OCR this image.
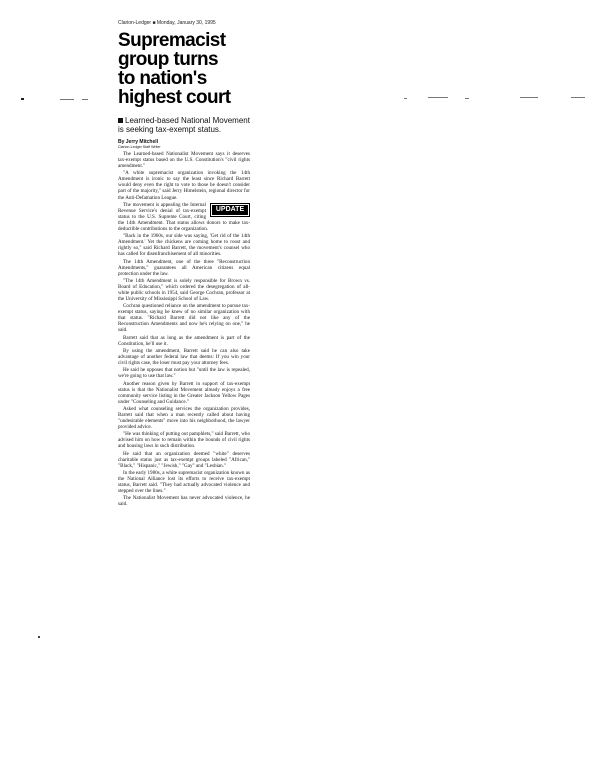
Clarion-Ledger ■ Monday, January 30, 1995
Supremacist
group turns
to nation's
highest court
Learned-based National Movement is seeking tax-exempt status.
By Jerry Mitchell
Clarion-Ledger Staff Writer

The Learned-based Nationalist Movement says it deserves tax-exempt status based on the U.S. Constitution's "civil rights amendment."

"A white supremacist organization invoking the 14th Amendment is ironic to say the least since Richard Barrett would deny even the right to vote to those he doesn't consider part of the majority," said Jerry Himelstein, regional director for the Anti-Defamation League.

UPDATE

The movement is appealing the Internal Revenue Service's denial of tax-exempt status to the U.S. Supreme Court, citing the 14th Amendment. That status allows donors to make tax-deductible contributions to the organization.

"Back in the 1960s, our side was saying, 'Get rid of the 14th Amendment.' Yet the chickens are coming home to roost and rightly so," said Richard Barrett, the movement's counsel who has called for disenfranchisement of all minorities.

The 14th Amendment, one of the three "Reconstruction Amendments," guarantees all American citizens equal protection under the law.

"The 14th Amendment is solely responsible for Brown vs. Board of Education," which ordered the desegregation of all-white public schools in 1954, said George Cochran, professor at the University of Mississippi School of Law.

Cochran questioned reliance on the amendment to pursue tax-exempt status, saying he knew of no similar organization with that status. "Richard Barrett did not like any of the Reconstruction Amendments and now he's relying on one," he said.

Barrett said that as long as the amendment is part of the Constitution, he'll use it.

By using the amendment, Barrett said he can also take advantage of another federal law that deems: If you win your civil rights case, the loser must pay your attorney fees.

He said he opposes that notion but "until the law is repealed, we're going to use that law."

Another reason given by Barrett in support of tax-exempt status is that the Nationalist Movement already enjoys a free community service listing in the Greater Jackson Yellow Pages under "Counseling and Guidance."

Asked what counseling services the organization provides, Barrett said that when a man recently called about having "undesirable elements" move into his neighborhood, the lawyer provided advice.

"He was thinking of putting out pamphlets," said Barrett, who advised him on how to remain within the bounds of civil rights and housing laws in such distribution.

He said that an organization deemed "white" deserves charitable status just as tax-exempt groups labeled "African," "Black," "Hispanic," "Jewish," "Gay" and "Lesbian."

In the early 1980s, a white supremacist organization known as the National Alliance lost its efforts to receive tax-exempt status, Barrett said. "They had actually advocated violence and stepped over the lines."

The Nationalist Movement has never advocated violence, he said.
